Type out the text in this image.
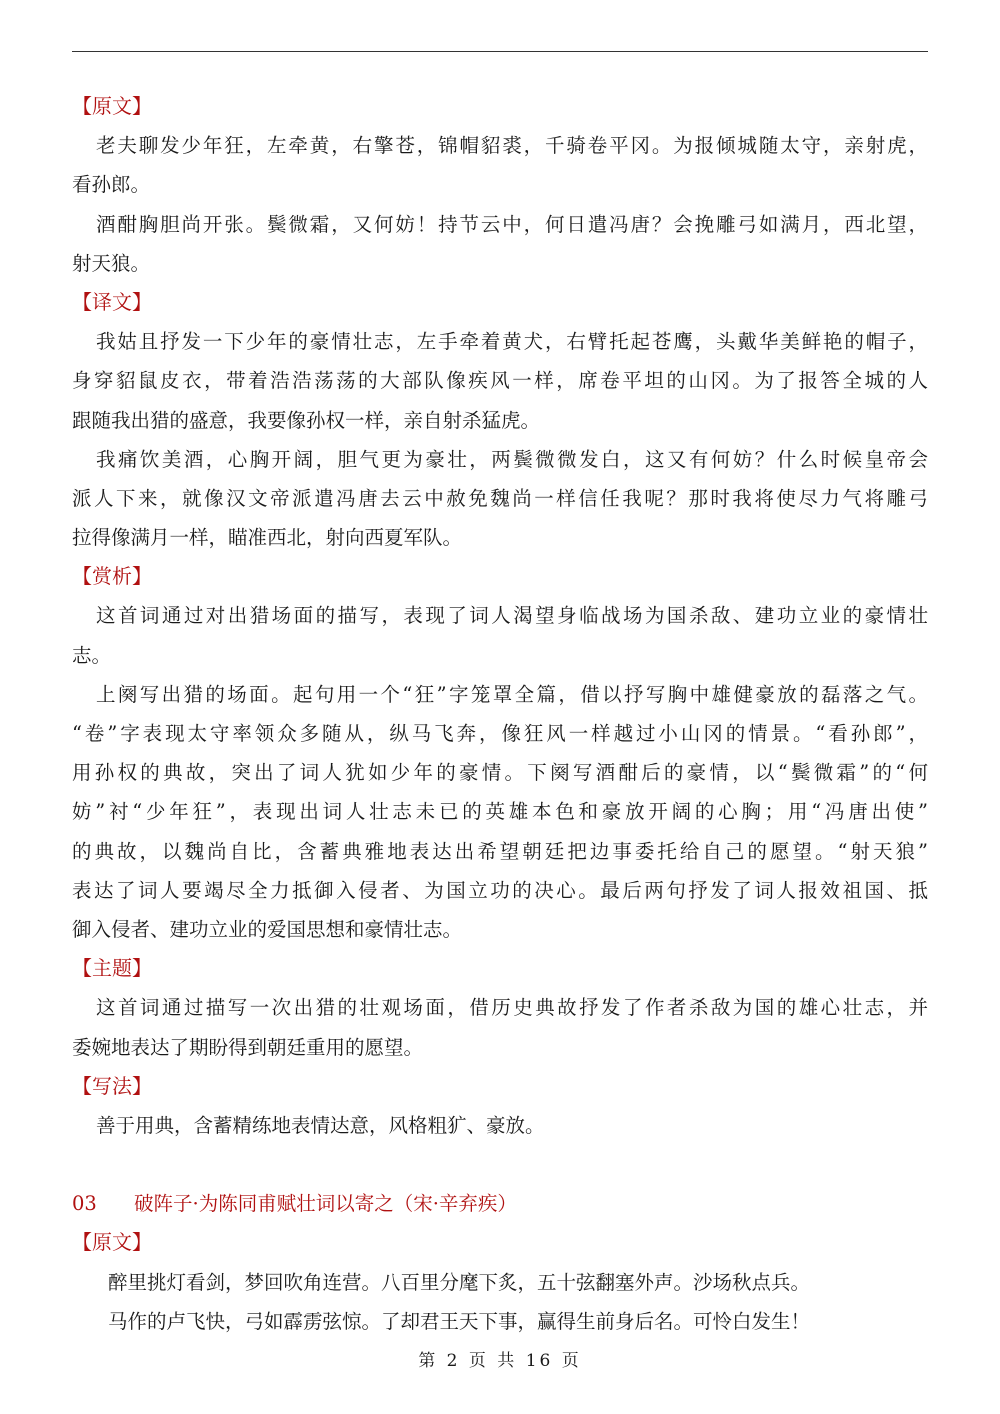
【原文】
老夫聊发少年狂，左牵黄，右擎苍，锦帽貂裘，千骑卷平冈。为报倾城随太守，亲射虎，
看孙郎。
酒酣胸胆尚开张。鬓微霜，又何妨！持节云中，何日遣冯唐？会挽雕弓如满月，西北望，
射天狼。
【译文】
我姑且抒发一下少年的豪情壮志，左手牵着黄犬，右臂托起苍鹰，头戴华美鲜艳的帽子，
身穿貂鼠皮衣，带着浩浩荡荡的大部队像疾风一样，席卷平坦的山冈。为了报答全城的人
跟随我出猎的盛意，我要像孙权一样，亲自射杀猛虎。
我痛饮美酒，心胸开阔，胆气更为豪壮，两鬓微微发白，这又有何妨？什么时候皇帝会
派人下来，就像汉文帝派遣冯唐去云中赦免魏尚一样信任我呢？那时我将使尽力气将雕弓
拉得像满月一样，瞄准西北，射向西夏军队。
【赏析】
这首词通过对出猎场面的描写，表现了词人渴望身临战场为国杀敌、建功立业的豪情壮
志。
上阕写出猎的场面。起句用一个“狂”字笼罩全篇，借以抒写胸中雄健豪放的磊落之气。
“卷”字表现太守率领众多随从，纵马飞奔，像狂风一样越过小山冈的情景。“看孙郎”，
用孙权的典故，突出了词人犹如少年的豪情。下阕写酒酣后的豪情，以“鬓微霜”的“何
妨”衬“少年狂”，表现出词人壮志未已的英雄本色和豪放开阔的心胸；用“冯唐出使”
的典故，以魏尚自比，含蓄典雅地表达出希望朝廷把边事委托给自己的愿望。“射天狼”
表达了词人要竭尽全力抵御入侵者、为国立功的决心。最后两句抒发了词人报效祖国、抵
御入侵者、建功立业的爱国思想和豪情壮志。
【主题】
这首词通过描写一次出猎的壮观场面，借历史典故抒发了作者杀敌为国的雄心壮志，并
委婉地表达了期盼得到朝廷重用的愿望。
【写法】
善于用典，含蓄精练地表情达意，风格粗犷、豪放。
03 破阵子·为陈同甫赋壮词以寄之（宋·辛弃疾）
【原文】
醉里挑灯看剑，梦回吹角连营。八百里分麾下炙，五十弦翻塞外声。沙场秋点兵。
马作的卢飞快，弓如霹雳弦惊。了却君王天下事，赢得生前身后名。可怜白发生！
第 2 页 共 16 页
